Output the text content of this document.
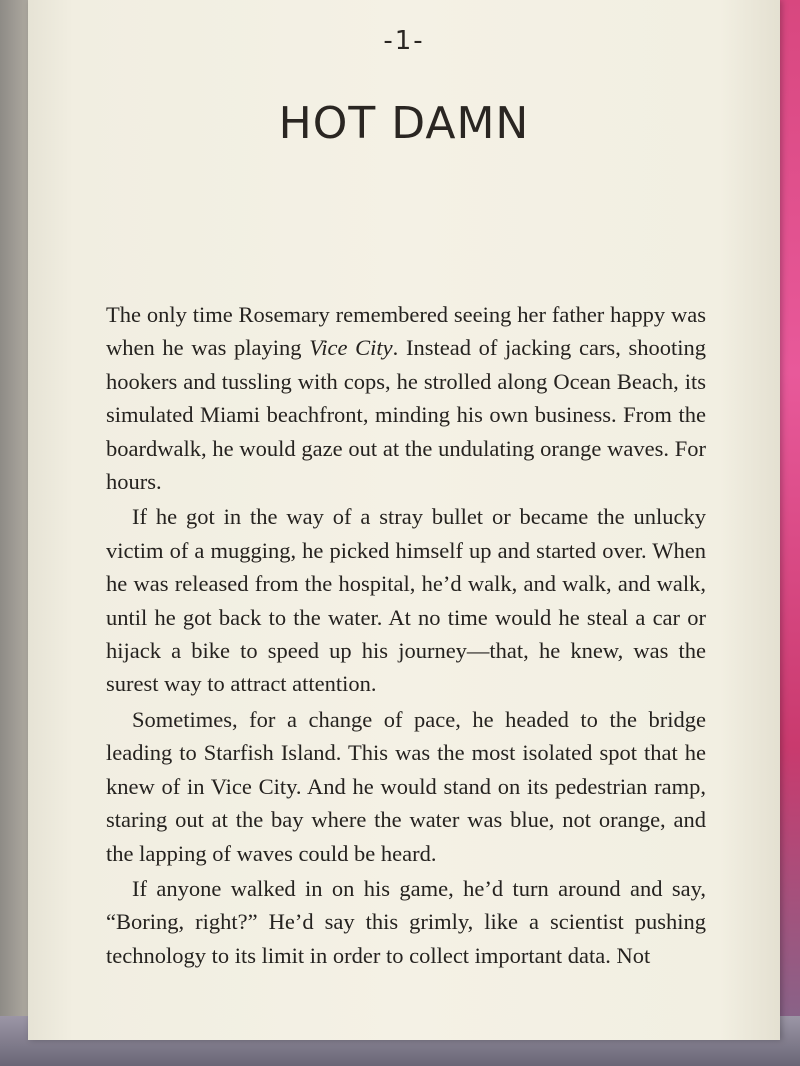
-1-
HOT DAMN

The only time Rosemary remembered seeing her father happy was when he was playing Vice City. Instead of jacking cars, shooting hookers and tussling with cops, he strolled along Ocean Beach, its simulated Miami beachfront, minding his own business. From the boardwalk, he would gaze out at the undulating orange waves. For hours.

If he got in the way of a stray bullet or became the unlucky victim of a mugging, he picked himself up and started over. When he was released from the hospital, he’d walk, and walk, and walk, until he got back to the water. At no time would he steal a car or hijack a bike to speed up his journey—that, he knew, was the surest way to attract attention.

Sometimes, for a change of pace, he headed to the bridge leading to Starfish Island. This was the most isolated spot that he knew of in Vice City. And he would stand on its pedestrian ramp, staring out at the bay where the water was blue, not orange, and the lapping of waves could be heard.

If anyone walked in on his game, he’d turn around and say, “Boring, right?” He’d say this grimly, like a scientist pushing technology to its limit in order to collect important data. Not
